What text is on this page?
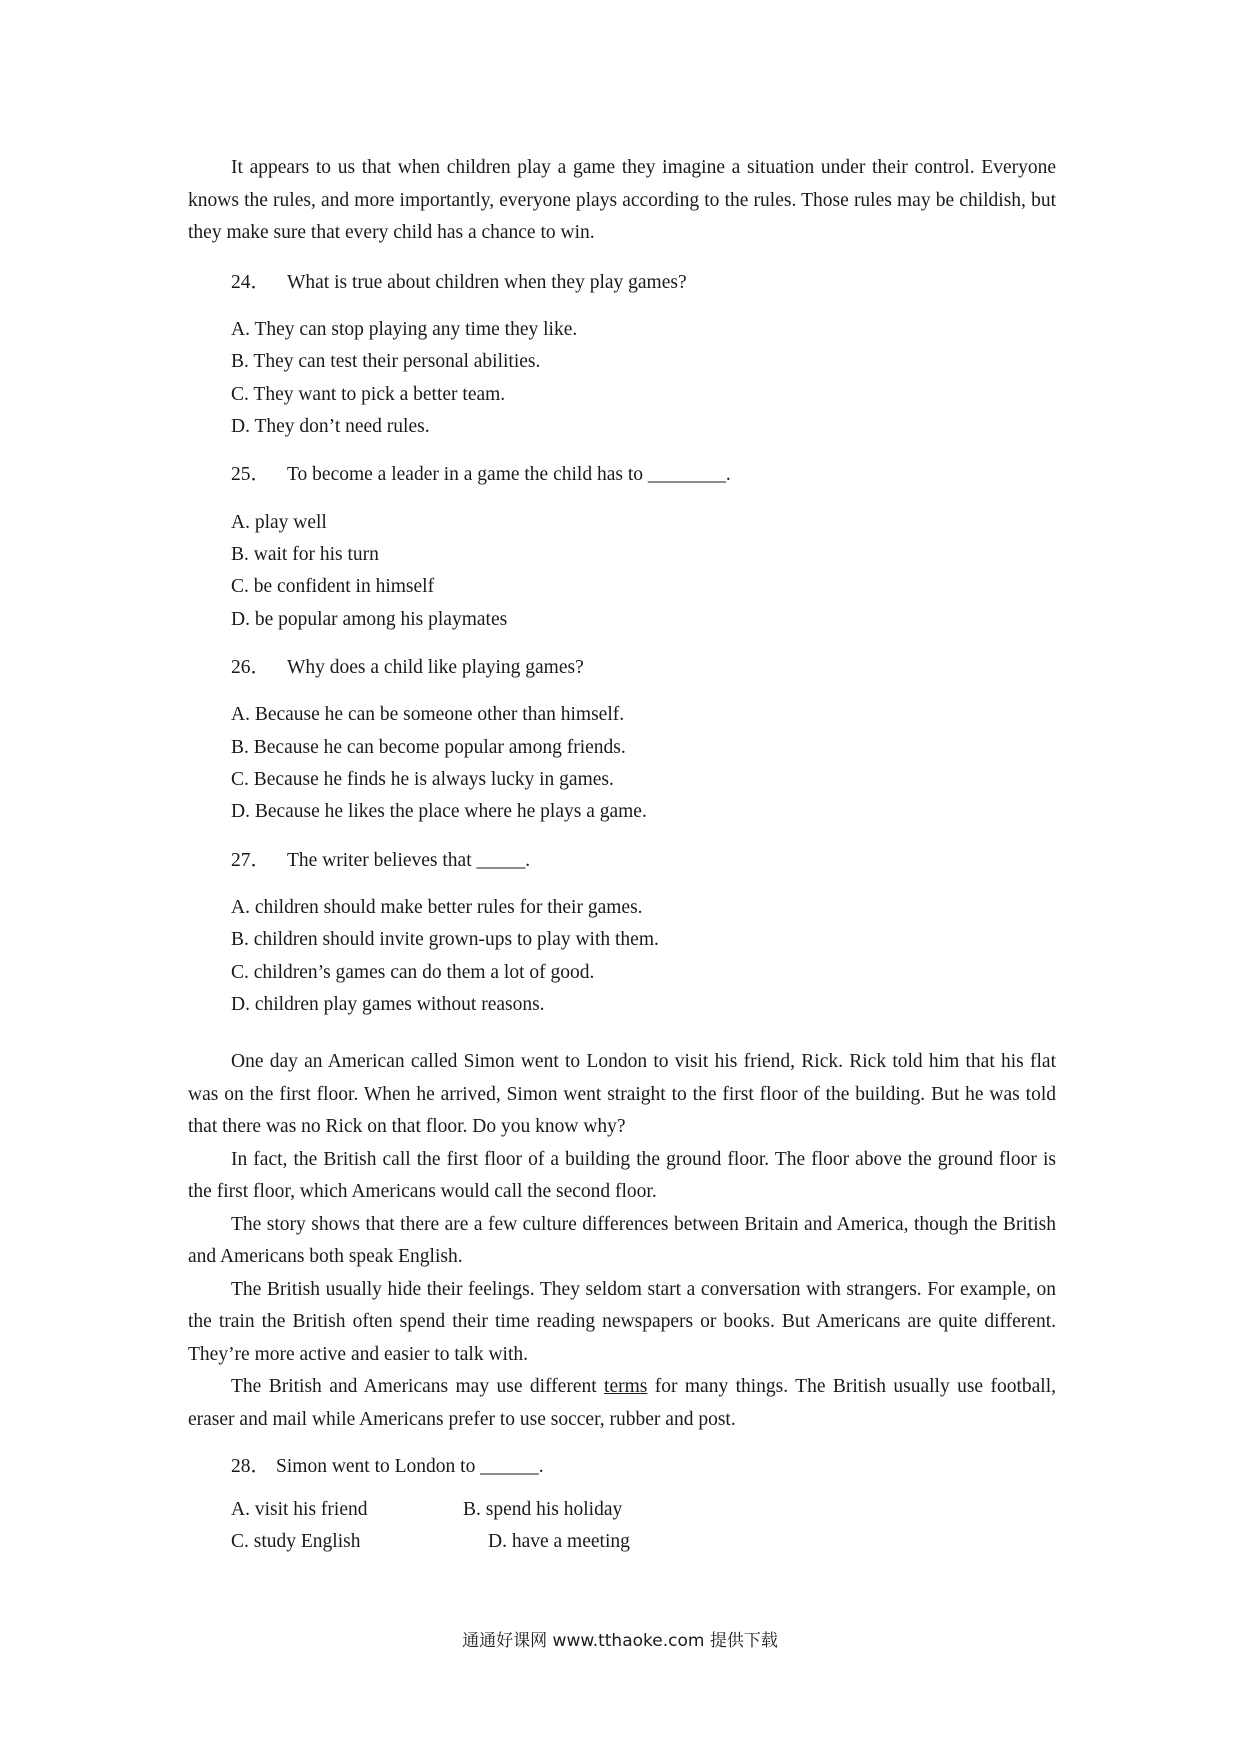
It appears to us that when children play a game they imagine a situation under their control. Everyone knows the rules, and more importantly, everyone plays according to the rules. Those rules may be childish, but they make sure that every child has a chance to win.

24． What is true about children when they play games?

A. They can stop playing any time they like.

B. They can test their personal abilities.

C. They want to pick a better team.

D. They don’t need rules.

25． To become a leader in a game the child has to ________.

A. play well

B. wait for his turn

C. be confident in himself

D. be popular among his playmates

26． Why does a child like playing games?

A. Because he can be someone other than himself.

B. Because he can become popular among friends.

C. Because he finds he is always lucky in games.

D. Because he likes the place where he plays a game.

27． The writer believes that _____.

A. children should make better rules for their games.

B. children should invite grown-ups to play with them.

C. children’s games can do them a lot of good.

D. children play games without reasons.

One day an American called Simon went to London to visit his friend, Rick. Rick told him that his flat was on the first floor. When he arrived, Simon went straight to the first floor of the building. But he was told that there was no Rick on that floor. Do you know why?

In fact, the British call the first floor of a building the ground floor. The floor above the ground floor is the first floor, which Americans would call the second floor.

The story shows that there are a few culture differences between Britain and America, though the British and Americans both speak English.

The British usually hide their feelings. They seldom start a conversation with strangers. For example, on the train the British often spend their time reading newspapers or books. But Americans are quite different. They’re more active and easier to talk with.

The British and Americans may use different terms for many things. The British usually use football, eraser and mail while Americans prefer to use soccer, rubber and post.

28． Simon went to London to ______.

A. visit his friend	B. spend his holiday
C. study English	D. have a meeting
通通好课网 www.tthaoke.com 提供下载
